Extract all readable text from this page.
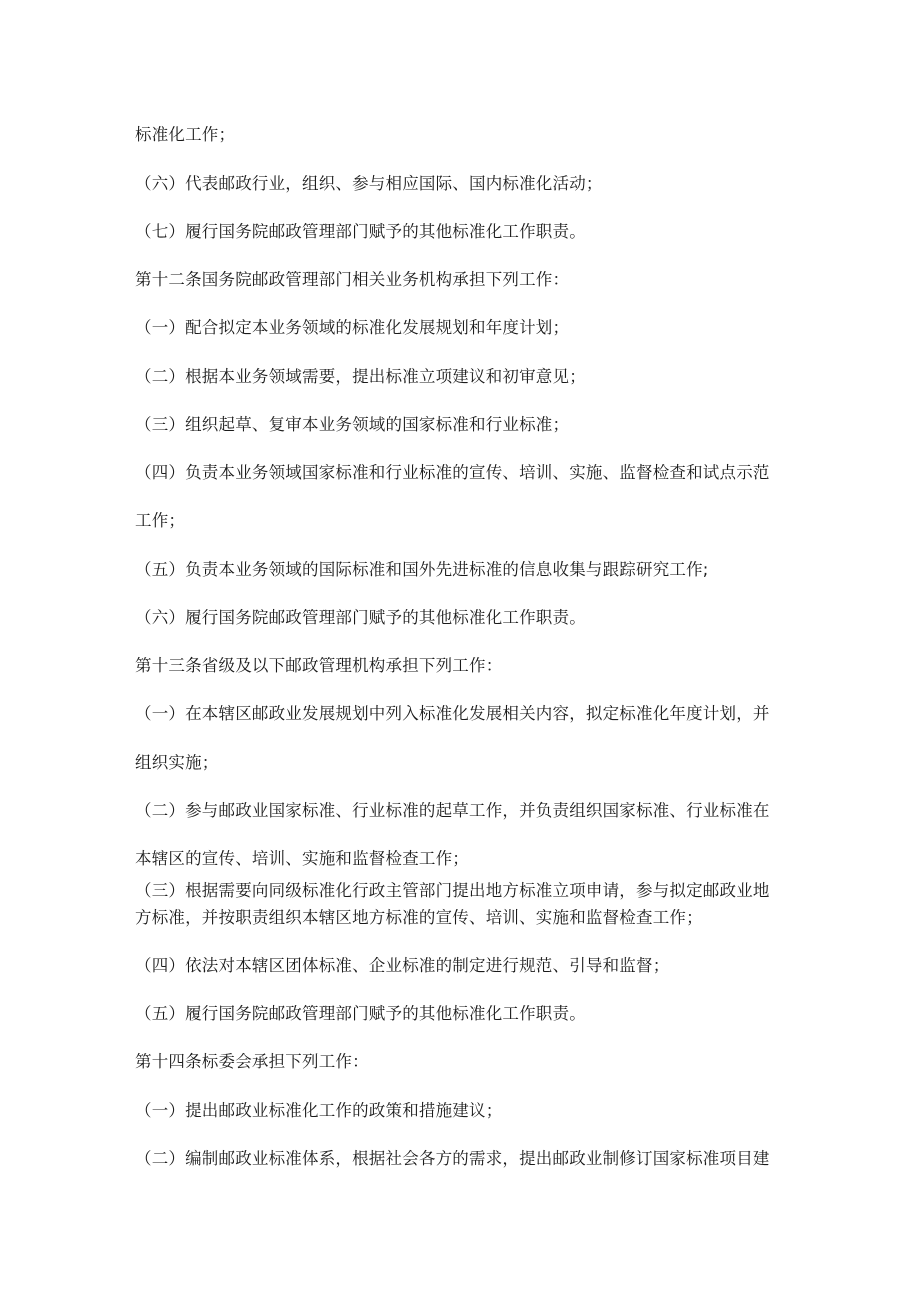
标准化工作；
（六）代表邮政行业，组织、参与相应国际、国内标准化活动；
（七）履行国务院邮政管理部门赋予的其他标准化工作职责。
第十二条国务院邮政管理部门相关业务机构承担下列工作：
（一）配合拟定本业务领域的标准化发展规划和年度计划；
（二）根据本业务领域需要，提出标准立项建议和初审意见；
（三）组织起草、复审本业务领域的国家标准和行业标准；
（四）负责本业务领域国家标准和行业标准的宣传、培训、实施、监督检查和试点示范
工作；
（五）负责本业务领域的国际标准和国外先进标准的信息收集与跟踪研究工作;
（六）履行国务院邮政管理部门赋予的其他标准化工作职责。
第十三条省级及以下邮政管理机构承担下列工作：
（一）在本辖区邮政业发展规划中列入标准化发展相关内容，拟定标准化年度计划，并
组织实施；
（二）参与邮政业国家标准、行业标准的起草工作，并负责组织国家标准、行业标准在
本辖区的宣传、培训、实施和监督检查工作；
（三）根据需要向同级标准化行政主管部门提出地方标准立项申请，参与拟定邮政业地
方标准，并按职责组织本辖区地方标准的宣传、培训、实施和监督检查工作；
（四）依法对本辖区团体标准、企业标准的制定进行规范、引导和监督；
（五）履行国务院邮政管理部门赋予的其他标准化工作职责。
第十四条标委会承担下列工作：
（一）提出邮政业标准化工作的政策和措施建议；
（二）编制邮政业标准体系，根据社会各方的需求，提出邮政业制修订国家标准项目建
